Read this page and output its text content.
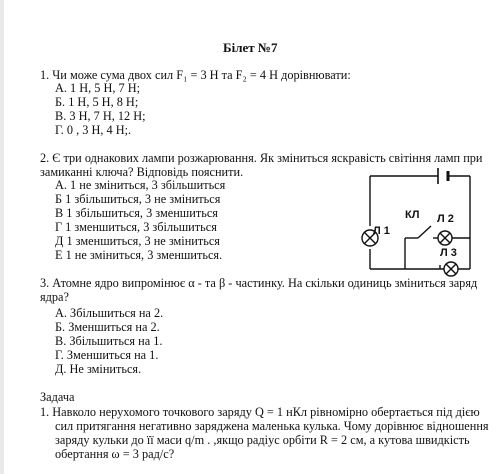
Білет №7
1. Чи може сума двох сил F₁ = 3 Н та F₂ = 4 Н дорівнювати:
А. 1 Н, 5 Н, 7 Н;
Б. 1 Н, 5 Н, 8 Н;
В. 3 Н, 7 Н, 12 Н;
Г. 0 , 3 Н, 4 Н;.
2. Є три однакових лампи розжарювання. Як зміниться яскравість світіння ламп при
замиканні ключа? Відповідь пояснити.
А. 1 не зміниться, 3 збільшиться
Б 1 збільшиться, 3 не зміниться
В 1 збільшиться, 3 зменшиться
Г 1 зменшиться, 3 збільшиться
Д 1 зменшиться, 3 не зміниться
Е 1 не зміниться, 3 зменшиться.
КЛ Л 2
Л 1
Л 3
3. Атомне ядро випромінює α - та β - частинку. На скільки одиниць зміниться заряд
ядра?
А. Збільшиться на 2.
Б. Зменшиться на 2.
В. Збільшиться на 1.
Г. Зменшиться на 1.
Д. Не зміниться.
Задача
1. Навколо нерухомого точкового заряду Q = 1 нКл рівномірно обертається під дією
сил притягання негативно заряджена маленька кулька. Чому дорівнює відношення
заряду кульки до її маси q/m . ,якщо радіус орбіти R = 2 см, а кутова швидкість
обертання ω = 3 рад/с?
